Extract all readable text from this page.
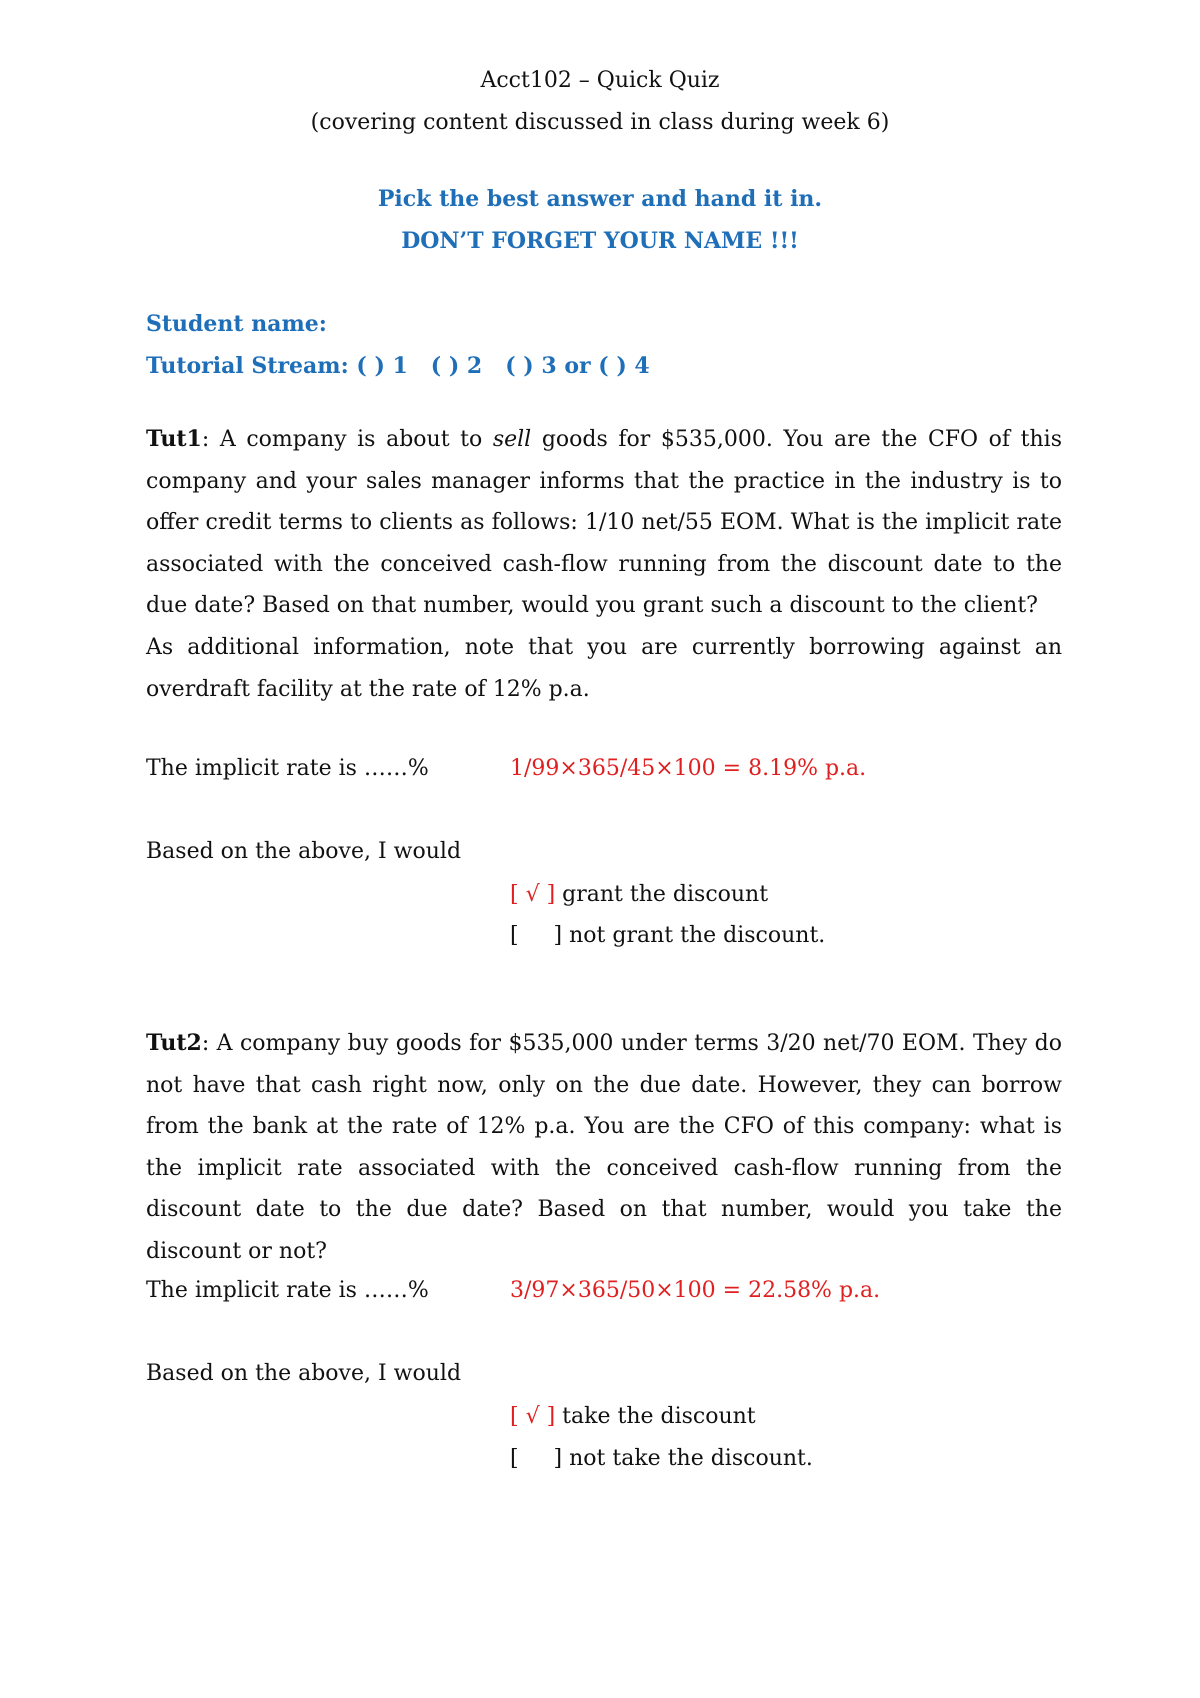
Acct102 – Quick Quiz
(covering content discussed in class during week 6)
Pick the best answer and hand it in.
DON’T FORGET YOUR NAME !!!
Student name:
Tutorial Stream: ( ) 1   ( ) 2   ( ) 3 or ( ) 4
Tut1: A company is about to sell goods for $535,000. You are the CFO of this company and your sales manager informs that the practice in the industry is to offer credit terms to clients as follows: 1/10 net/55 EOM. What is the implicit rate associated with the conceived cash-flow running from the discount date to the due date? Based on that number, would you grant such a discount to the client?
As additional information, note that you are currently borrowing against an overdraft facility at the rate of 12% p.a.
The implicit rate is ……%	1/99×365/45×100 = 8.19% p.a.
Based on the above, I would
[ √ ] grant the discount
[     ] not grant the discount.
Tut2: A company buy goods for $535,000 under terms 3/20 net/70 EOM. They do not have that cash right now, only on the due date. However, they can borrow from the bank at the rate of 12% p.a. You are the CFO of this company: what is the implicit rate associated with the conceived cash-flow running from the discount date to the due date? Based on that number, would you take the discount or not?
The implicit rate is ……%	3/97×365/50×100 = 22.58% p.a.
Based on the above, I would
[ √ ] take the discount
[     ] not take the discount.
